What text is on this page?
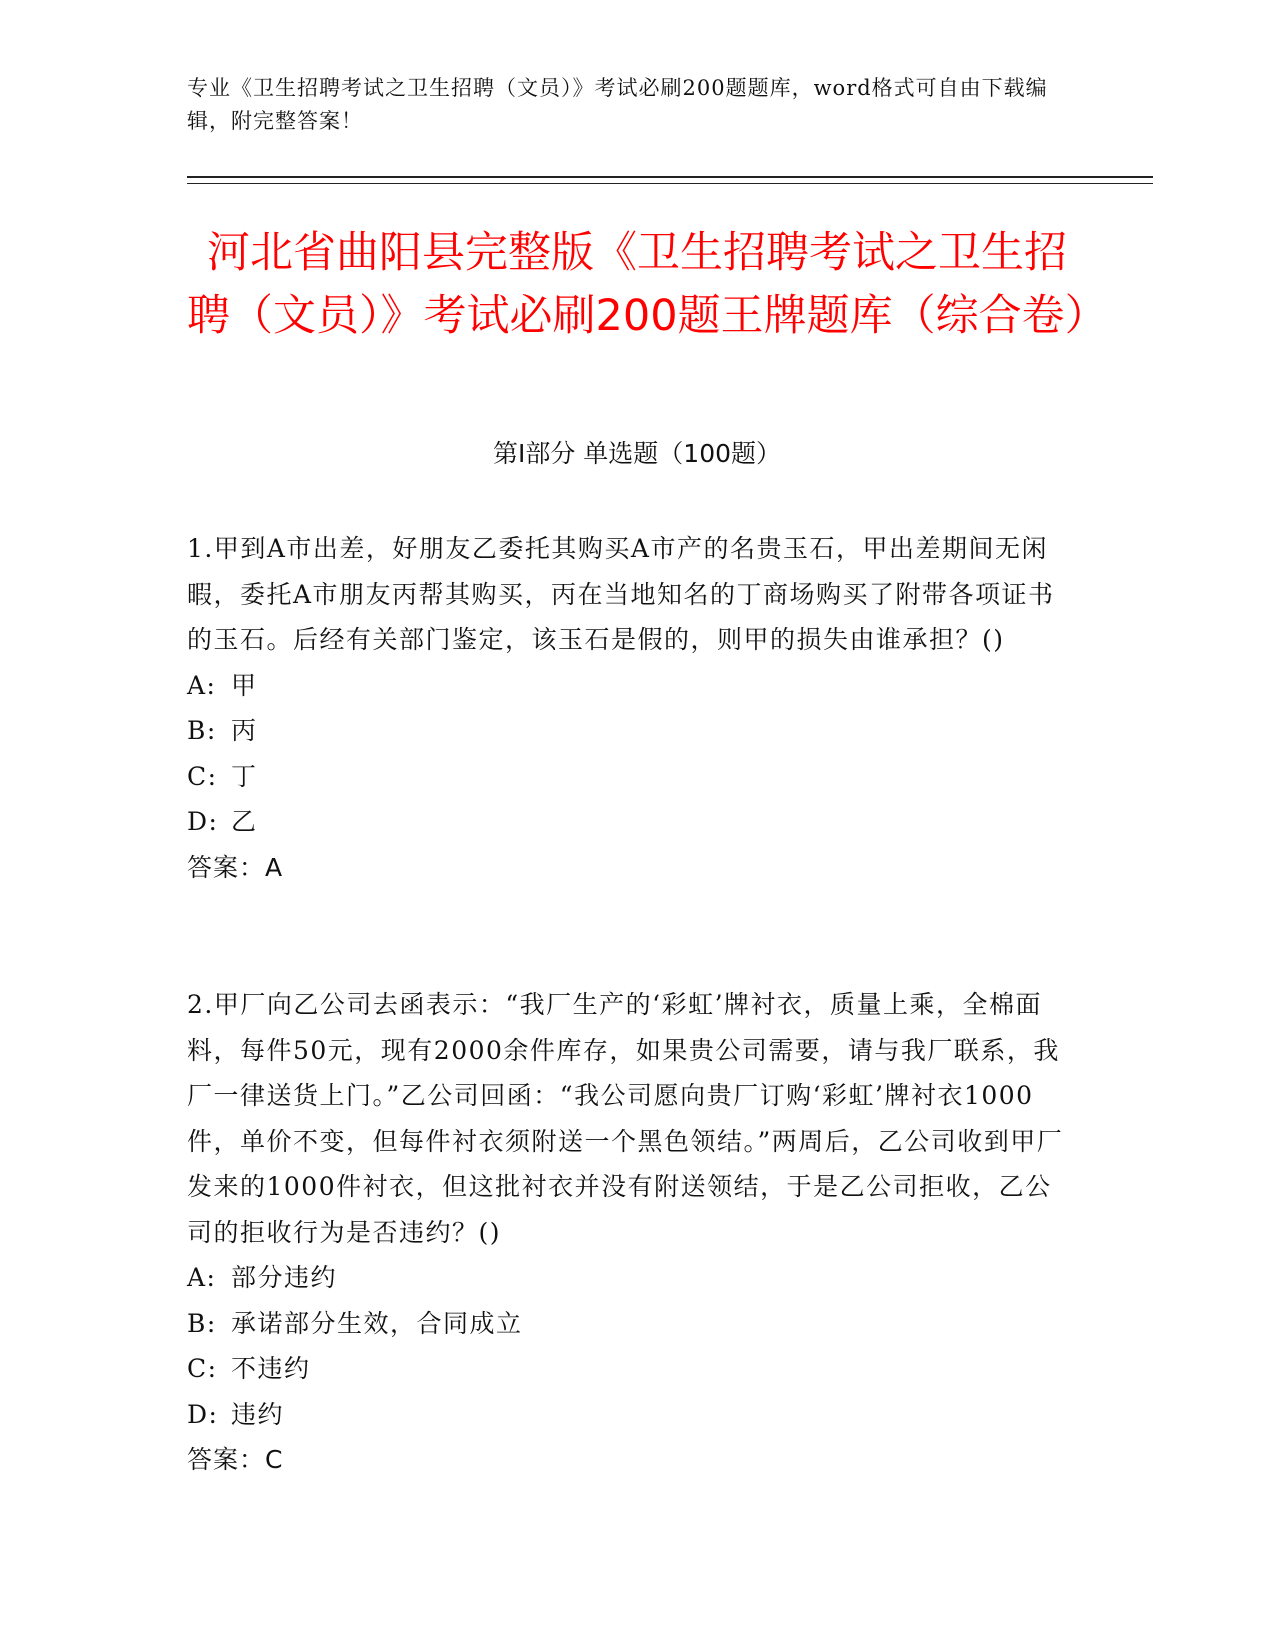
专业《卫生招聘考试之卫生招聘（文员）》考试必刷200题题库，word格式可自由下载编辑，附完整答案！
河北省曲阳县完整版《卫生招聘考试之卫生招聘（文员）》考试必刷200题王牌题库（综合卷）
第Ⅰ部分 单选题（100题）
1.甲到A市出差，好朋友乙委托其购买A市产的名贵玉石，甲出差期间无闲暇，委托A市朋友丙帮其购买，丙在当地知名的丁商场购买了附带各项证书的玉石。后经有关部门鉴定，该玉石是假的，则甲的损失由谁承担？()
A: 甲
B: 丙
C: 丁
D: 乙
答案：A
2.甲厂向乙公司去函表示：“我厂生产的‘彩虹’牌衬衣，质量上乘，全棉面料，每件50元，现有2000余件库存，如果贵公司需要，请与我厂联系，我厂一律送货上门。”乙公司回函：“我公司愿向贵厂订购‘彩虹’牌衬衣1000件，单价不变，但每件衬衣须附送一个黑色领结。”两周后，乙公司收到甲厂发来的1000件衬衣，但这批衬衣并没有附送领结，于是乙公司拒收，乙公司的拒收行为是否违约？()
A: 部分违约
B: 承诺部分生效，合同成立
C: 不违约
D: 违约
答案：C
